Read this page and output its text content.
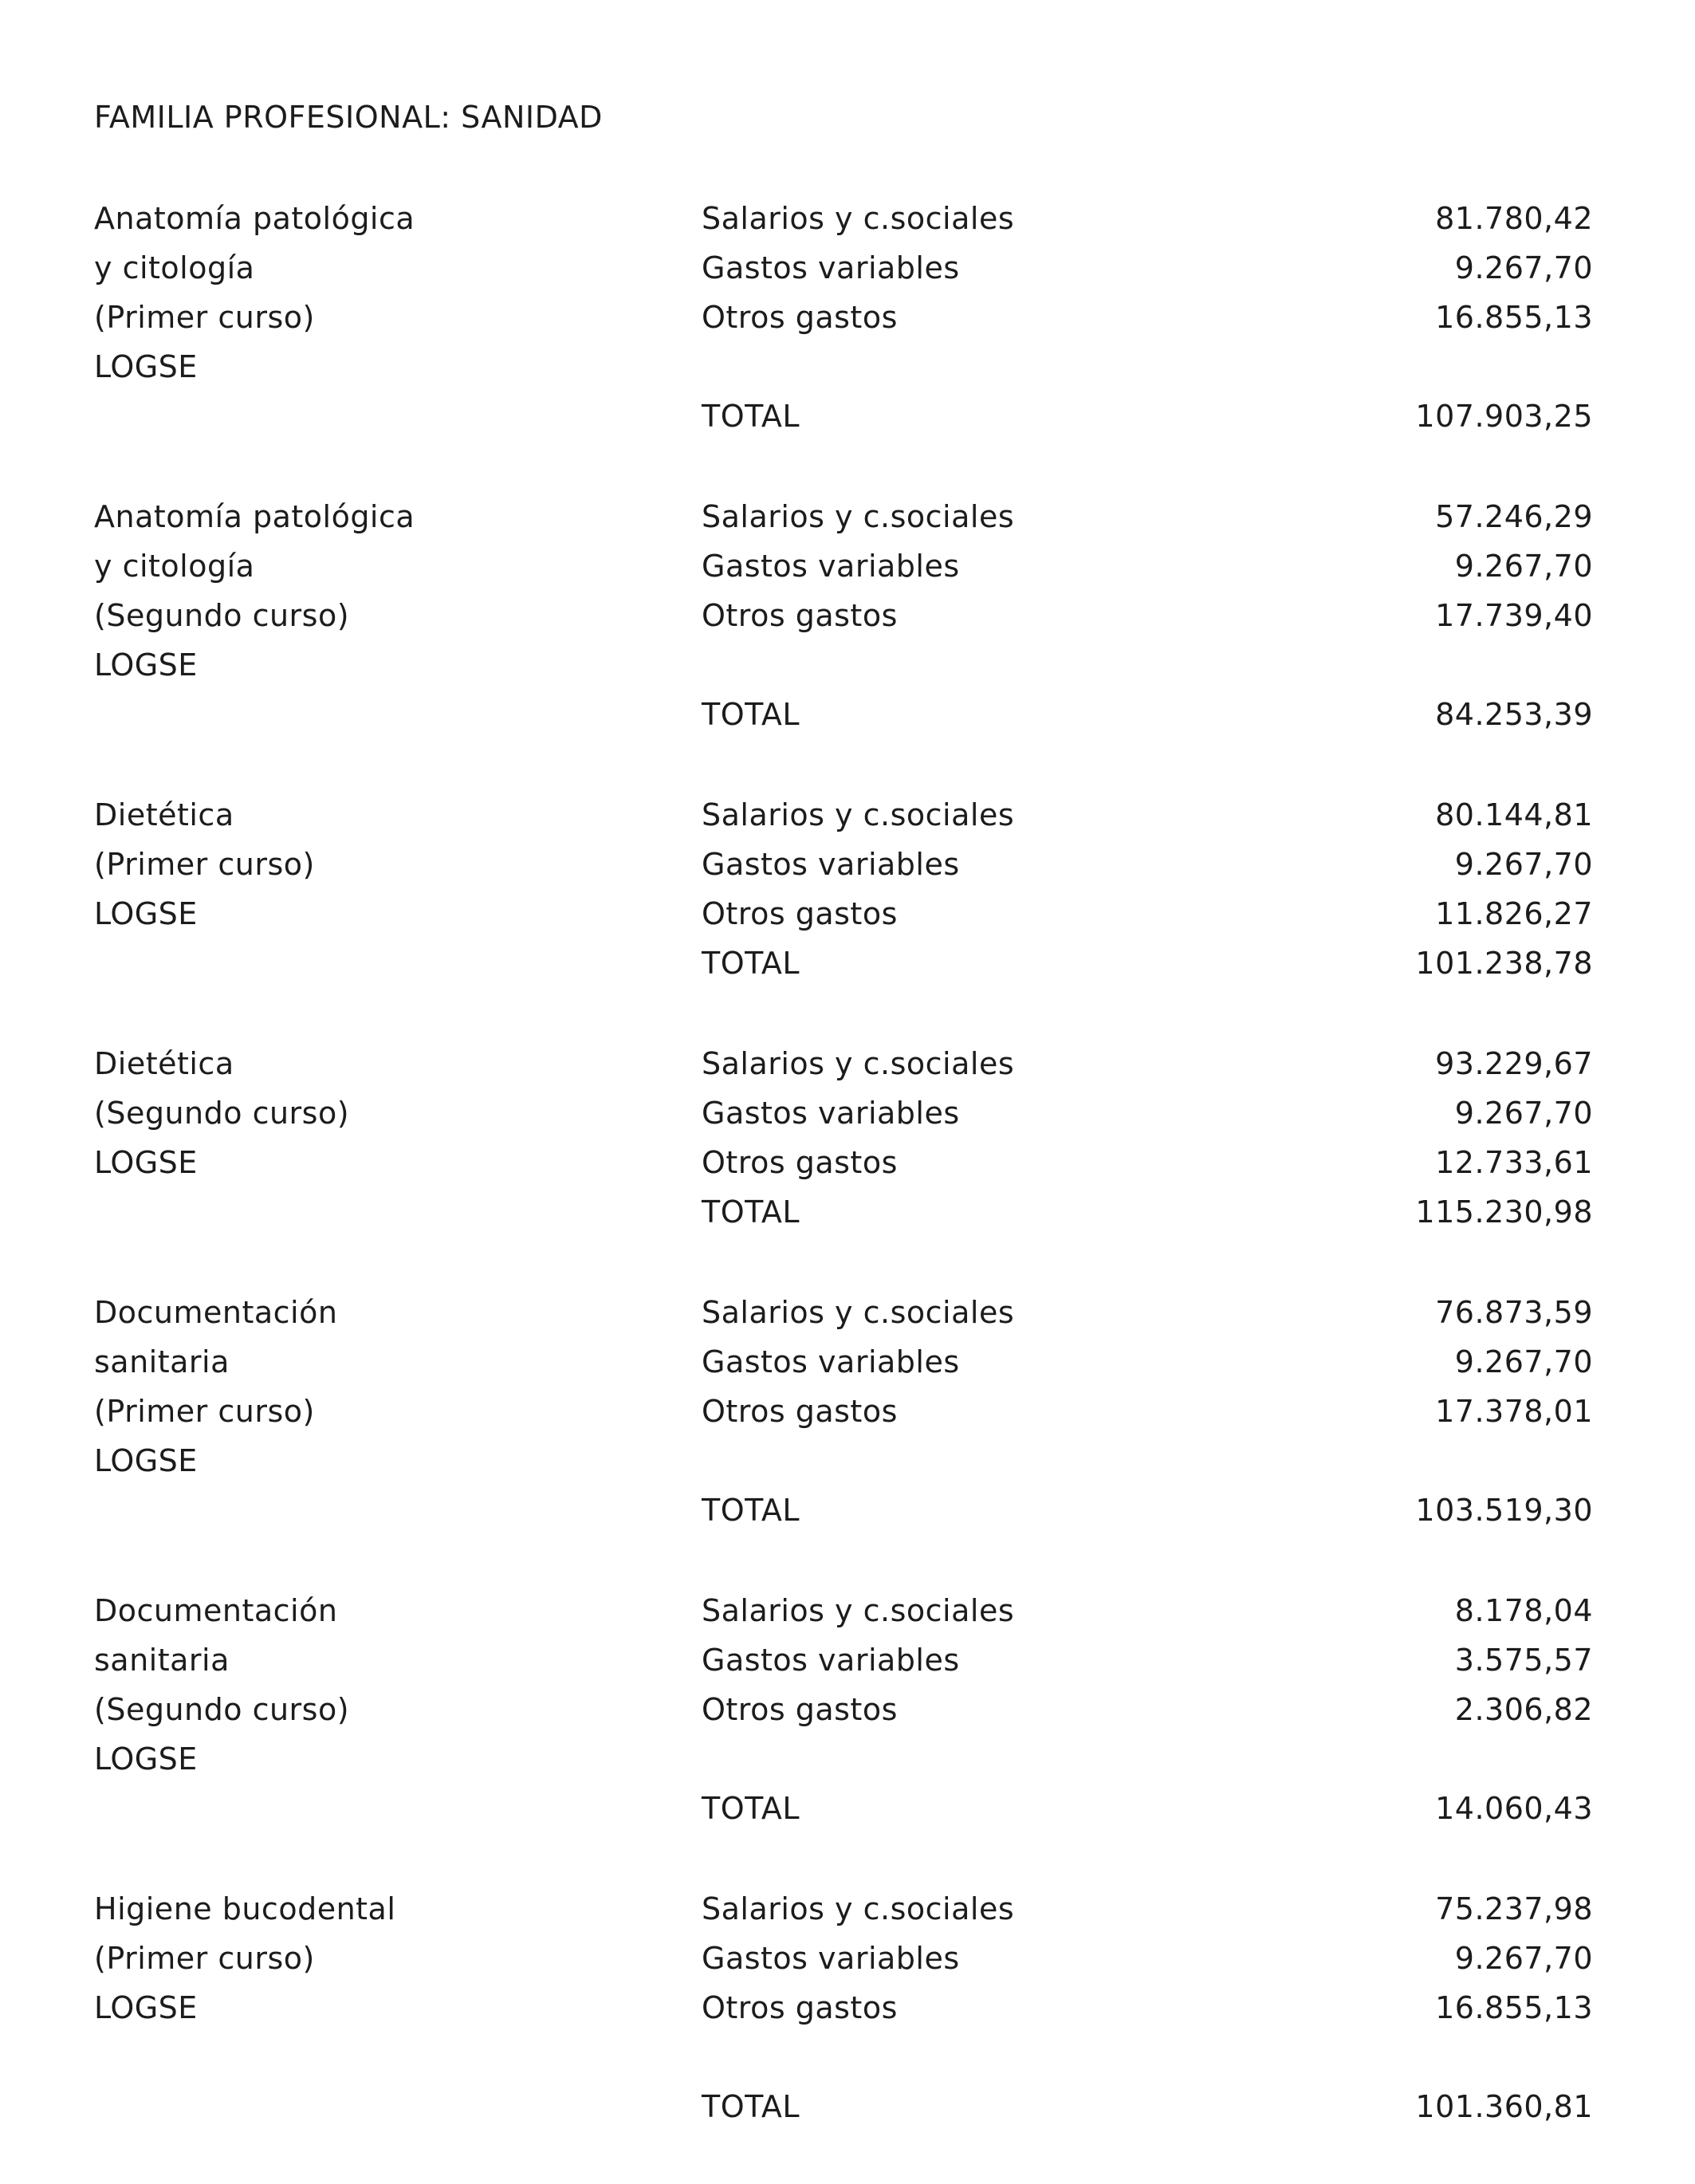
FAMILIA PROFESIONAL: SANIDAD
Anatomía patológica	Salarios y c.sociales	81.780,42
y citología	Gastos variables	9.267,70
(Primer curso)	Otros gastos	16.855,13
LOGSE
TOTAL	107.903,25
Anatomía patológica	Salarios y c.sociales	57.246,29
y citología	Gastos variables	9.267,70
(Segundo curso)	Otros gastos	17.739,40
LOGSE
TOTAL	84.253,39
Dietética	Salarios y c.sociales	80.144,81
(Primer curso)	Gastos variables	9.267,70
LOGSE	Otros gastos	11.826,27
TOTAL	101.238,78
Dietética	Salarios y c.sociales	93.229,67
(Segundo curso)	Gastos variables	9.267,70
LOGSE	Otros gastos	12.733,61
TOTAL	115.230,98
Documentación	Salarios y c.sociales	76.873,59
sanitaria	Gastos variables	9.267,70
(Primer curso)	Otros gastos	17.378,01
LOGSE
TOTAL	103.519,30
Documentación	Salarios y c.sociales	8.178,04
sanitaria	Gastos variables	3.575,57
(Segundo curso)	Otros gastos	2.306,82
LOGSE
TOTAL	14.060,43
Higiene bucodental	Salarios y c.sociales	75.237,98
(Primer curso)	Gastos variables	9.267,70
LOGSE	Otros gastos	16.855,13
TOTAL	101.360,81
